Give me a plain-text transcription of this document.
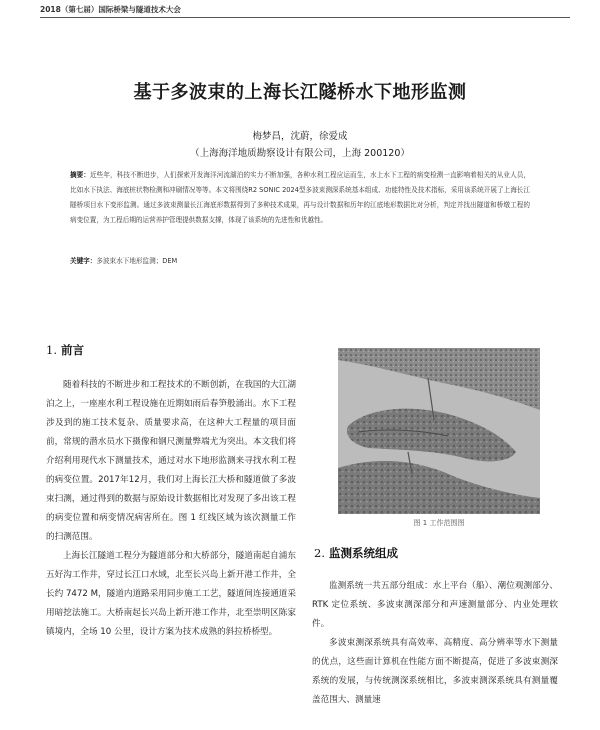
2018（第七届）国际桥梁与隧道技术大会
基于多波束的上海长江隧桥水下地形监测
梅梦昌，沈蔚，徐爱成
（上海海洋地质勘察设计有限公司，上海 200120）
摘要：近些年，科技不断进步，人们探索开发海洋河流湖泊的实力不断加强，各种水利工程应运而生，水上水下工程的病变检测一直影响着相关的从业人员，比如水下执法、海底桩状物检测和冲刷情况等等。本文将围绕R2 SONIC 2024型多波束测深系统基本组成、功能特性及技术指标，采用该系统开展了上海长江隧桥项目水下变形监测。通过多波束测量长江海底形数据得到了多种技术成果，再与设计数据和历年的江底地形数据比对分析，判定并找出隧道和桥墩工程的病变位置，为工程后期的运营养护管理提供数据支撑，体现了该系统的先进性和优越性。
关键字：多波束水下地形监测；DEM
1. 前言

随着科技的不断进步和工程技术的不断创新，在我国的大江湖泊之上，一座座水利工程设施在近期如雨后春笋般涌出。水下工程涉及到的施工技术复杂、质量要求高，在这种大工程量的项目面前，常规的潜水员水下摄像和钢尺测量弊端尤为突出。本文我们将介绍利用现代水下测量技术，通过对水下地形监测来寻找水利工程的病变位置。2017年12月，我们对上海长江大桥和隧道做了多波束扫测，通过得到的数据与原始设计数据相比对发现了多出该工程的病变位置和病变情况病害所在。图 1 红线区域为该次测量工作的扫测范围。

上海长江隧道工程分为隧道部分和大桥部分，隧道南起自浦东五好沟工作井，穿过长江口水域，北至长兴岛上新开港工作井，全长约 7472 M，隧道内道路采用同步施工工艺，隧道间连接通道采用暗挖法施工。大桥南起长兴岛上新开港工作井，北至崇明区陈家镇境内，全场 10 公里，设计方案为技术成熟的斜拉桥桥型。

图 1 工作范围图
2. 监测系统组成

监测系统一共五部分组成：水上平台（船）、潮位观测部分、RTK 定位系统、多波束测深部分和声速测量部分、内业处理软件。

多波束测深系统具有高效率、高精度、高分辨率等水下测量的优点，这些面计算机在性能方面不断提高，促进了多波束测深系统的发展，与传统测深系统相比，多波束测深系统具有测量覆盖范围大、测量速
